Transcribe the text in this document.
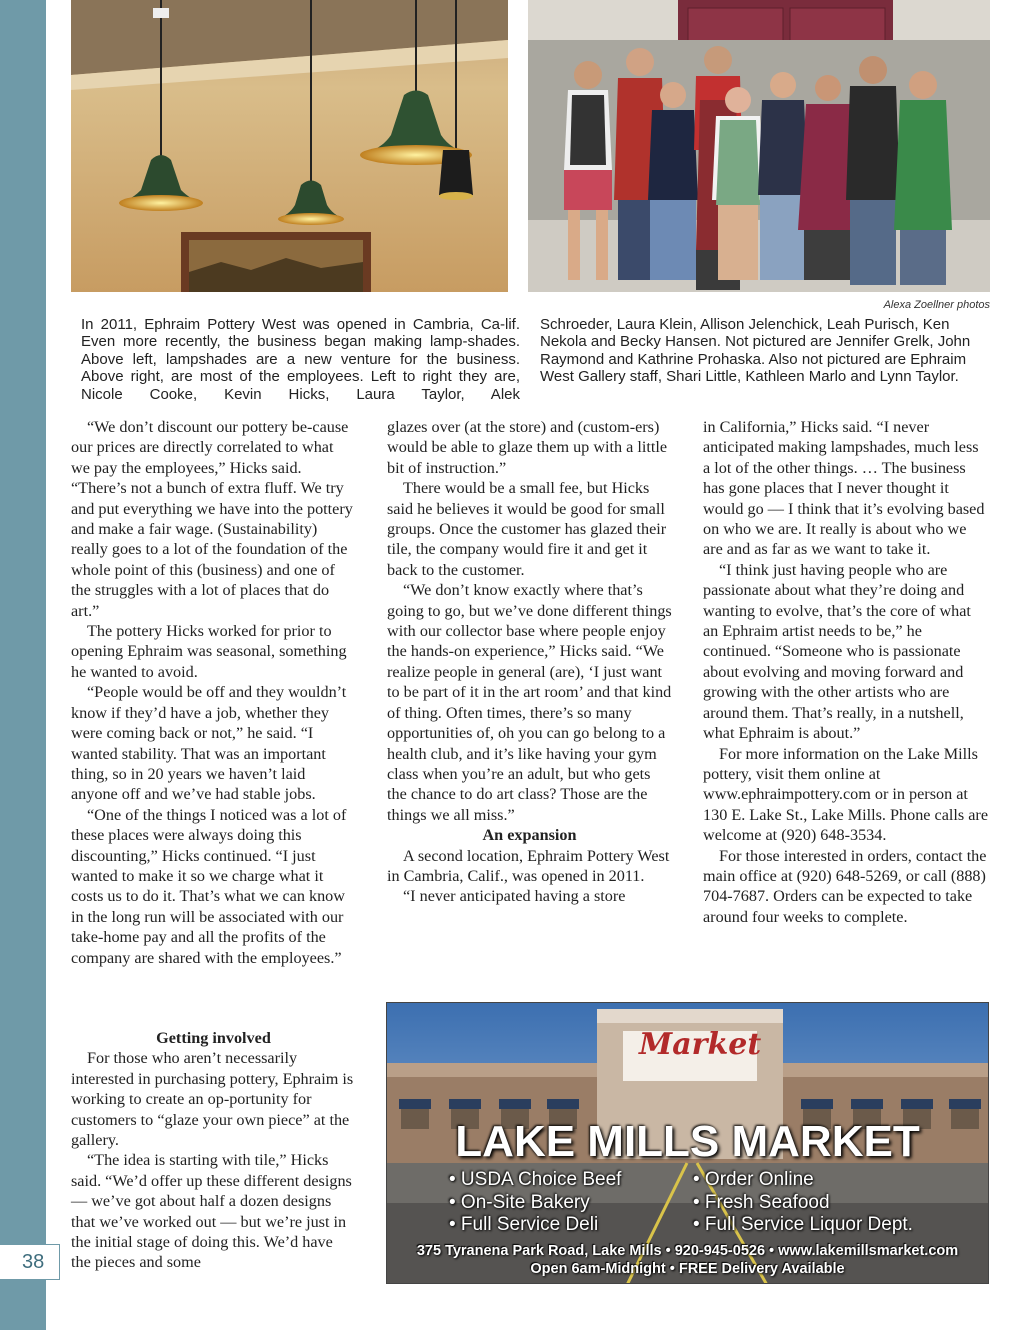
38
Alexa Zoellner photos
In 2011, Ephraim Pottery West was opened in Cambria, Ca-lif. Even more recently, the business began making lamp-shades. Above left, lampshades are a new venture for the business. Above right, are most of the employees. Left to right they are, Nicole Cooke, Kevin Hicks, Laura Taylor, Alek
Schroeder, Laura Klein, Allison Jelenchick, Leah Purisch, Ken Nekola and Becky Hansen. Not pictured are Jennifer Grelk, John Raymond and Kathrine Prohaska. Also not pictured are Ephraim West Gallery staff, Shari Little, Kathleen Marlo and Lynn Taylor.

“We don’t discount our pottery be-cause our prices are directly correlated to what we pay the employees,” Hicks said. “There’s not a bunch of extra fluff. We try and put everything we have into the pottery and make a fair wage. (Sustainability) really goes to a lot of the foundation of the whole point of this (business) and one of the struggles with a lot of places that do art.”

The pottery Hicks worked for prior to opening Ephraim was seasonal, something he wanted to avoid.

“People would be off and they wouldn’t know if they’d have a job, whether they were coming back or not,” he said. “I wanted stability. That was an important thing, so in 20 years we haven’t laid anyone off and we’ve had stable jobs.

“One of the things I noticed was a lot of these places were always doing this discounting,” Hicks continued. “I just wanted to make it so we charge what it costs us to do it. That’s what we can know in the long run will be associated with our take-home pay and all the profits of the company are shared with the employees.”

Getting involved

For those who aren’t necessarily interested in purchasing pottery, Ephraim is working to create an op-portunity for customers to “glaze your own piece” at the gallery.

“The idea is starting with tile,” Hicks said. “We’d offer up these different designs — we’ve got about half a dozen designs that we’ve worked out — but we’re just in the initial stage of doing this. We’d have the pieces and some

glazes over (at the store) and (custom-ers) would be able to glaze them up with a little bit of instruction.”

There would be a small fee, but Hicks said he believes it would be good for small groups. Once the customer has glazed their tile, the company would fire it and get it back to the customer.

“We don’t know exactly where that’s going to go, but we’ve done different things with our collector base where people enjoy the hands-on experience,” Hicks said. “We realize people in general (are), ‘I just want to be part of it in the art room’ and that kind of thing. Often times, there’s so many opportunities of, oh you can go belong to a health club, and it’s like having your gym class when you’re an adult, but who gets the chance to do art class? Those are the things we all miss.”

An expansion

A second location, Ephraim Pottery West in Cambria, Calif., was opened in 2011.

“I never anticipated having a store

in California,” Hicks said. “I never anticipated making lampshades, much less a lot of the other things. … The business has gone places that I never thought it would go — I think that it’s evolving based on who we are. It really is about who we are and as far as we want to take it.

“I think just having people who are passionate about what they’re doing and wanting to evolve, that’s the core of what an Ephraim artist needs to be,” he continued. “Someone who is passionate about evolving and moving forward and growing with the other artists who are around them. That’s really, in a nutshell, what Ephraim is about.”

For more information on the Lake Mills pottery, visit them online at www.ephraimpottery.com or in person at 130 E. Lake St., Lake Mills. Phone calls are welcome at (920) 648-3534.

For those interested in orders, contact the main office at (920) 648-5269, or call (888) 704-7687. Orders can be expected to take around four weeks to complete.

Market
LAKE MILLS MARKET
• USDA Choice Beef
• On-Site Bakery
• Full Service Deli
• Order Online
• Fresh Seafood
• Full Service Liquor Dept.
375 Tyranena Park Road, Lake Mills • 920-945-0526 • www.lakemillsmarket.com
Open 6am-Midnight • FREE Delivery Available
